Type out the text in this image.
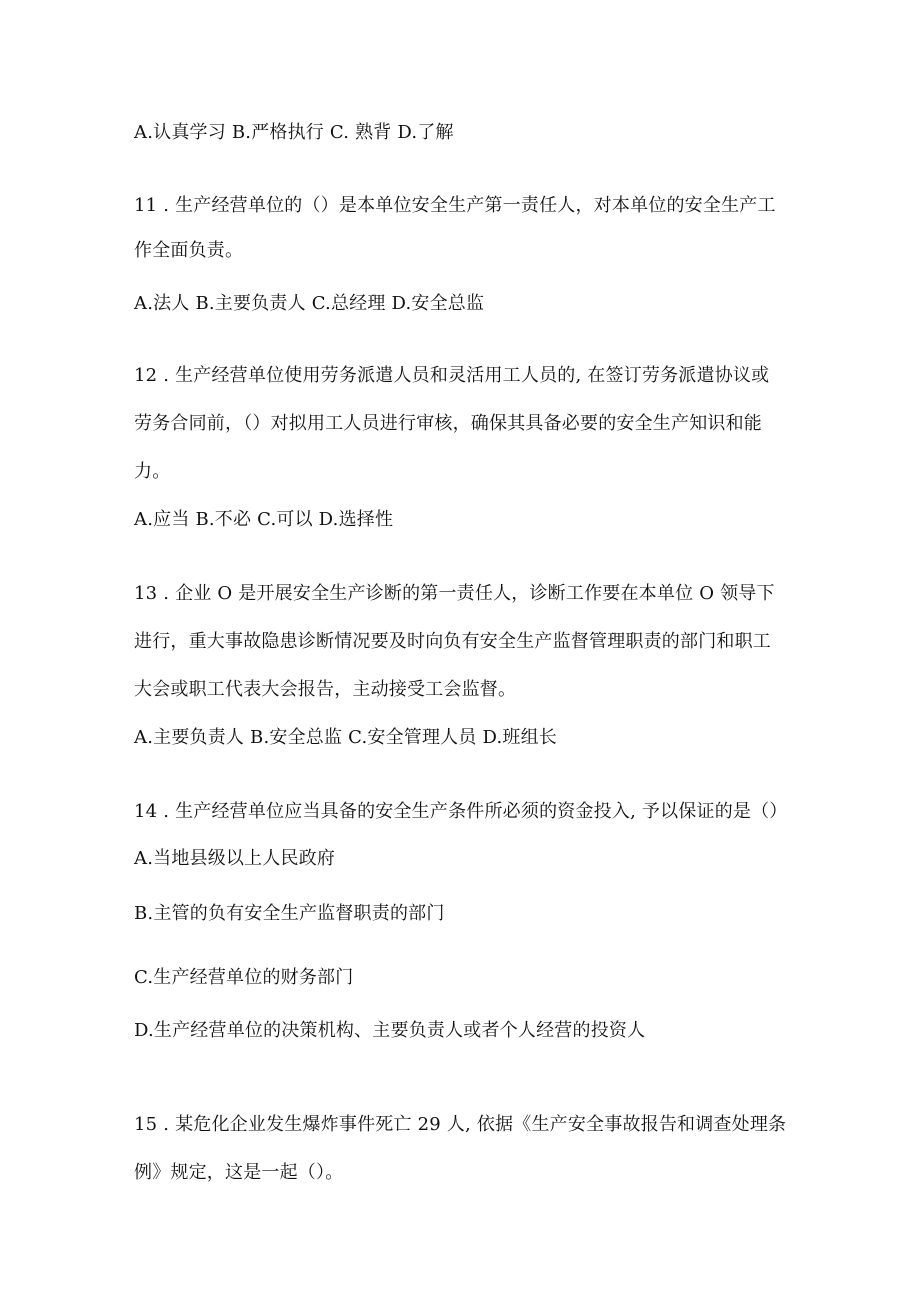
A.认真学习 B.严格执行 C. 熟背 D.了解
11 . 生产经营单位的（）是本单位安全生产第一责任人，对本单位的安全生产工
作全面负责。
A.法人 B.主要负责人 C.总经理 D.安全总监
12 . 生产经营单位使用劳务派遣人员和灵活用工人员的, 在签订劳务派遣协议或
劳务合同前，（）对拟用工人员进行审核，确保其具备必要的安全生产知识和能
力。
A.应当 B.不必 C.可以 D.选择性
13 . 企业 O 是开展安全生产诊断的第一责任人，诊断工作要在本单位 O 领导下
进行，重大事故隐患诊断情况要及时向负有安全生产监督管理职责的部门和职工
大会或职工代表大会报告，主动接受工会监督。
A.主要负责人 B.安全总监 C.安全管理人员 D.班组长
14 . 生产经营单位应当具备的安全生产条件所必须的资金投入, 予以保证的是（）
A.当地县级以上人民政府
B.主管的负有安全生产监督职责的部门
C.生产经营单位的财务部门
D.生产经营单位的决策机构、主要负责人或者个人经营的投资人
15 . 某危化企业发生爆炸事件死亡 29 人, 依据《生产安全事故报告和调查处理条
例》规定，这是一起（）。
